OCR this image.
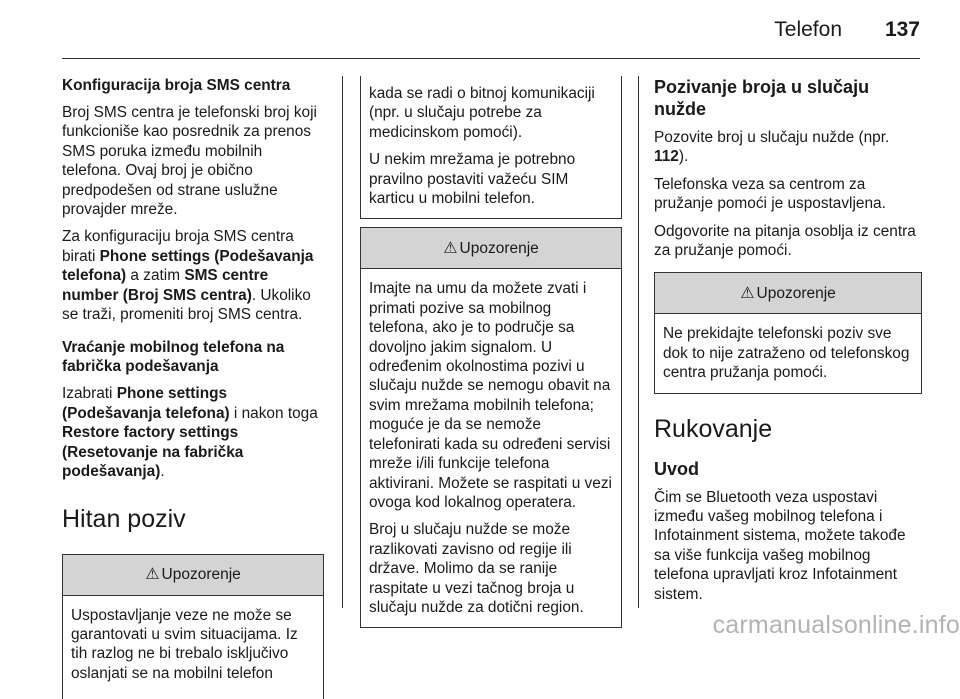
Telefon 137

Konfiguracija broja SMS centra

Broj SMS centra je telefonski broj koji funkcioniše kao posrednik za prenos SMS poruka između mobilnih telefona. Ovaj broj je obično predpodešen od strane uslužne provajder mreže.

Za konfiguraciju broja SMS centra birati Phone settings (Podešavanja telefona) a zatim SMS centre number (Broj SMS centra). Ukoliko se traži, promeniti broj SMS centra.

Vraćanje mobilnog telefona na fabrička podešavanja

Izabrati Phone settings (Podešavanja telefona) i nakon toga Restore factory settings (Resetovanje na fabrička podešavanja).

Hitan poziv
⚠ Upozorenje

Uspostavljanje veze ne može se garantovati u svim situacijama. Iz tih razlog ne bi trebalo isključivo oslanjati se na mobilni telefon

kada se radi o bitnoj komunikaciji (npr. u slučaju potrebe za medicinskom pomoći).

U nekim mrežama je potrebno pravilno postaviti važeću SIM karticu u mobilni telefon.

⚠ Upozorenje

Imajte na umu da možete zvati i primati pozive sa mobilnog telefona, ako je to područje sa dovoljno jakim signalom. U određenim okolnostima pozivi u slučaju nužde se nemogu obavit na svim mrežama mobilnih telefona; moguće je da se nemože telefonirati kada su određeni servisi mreže i/ili funkcije telefona aktivirani. Možete se raspitati u vezi ovoga kod lokalnog operatera.

Broj u slučaju nužde se može razlikovati zavisno od regije ili države. Molimo da se ranije raspitate u vezi tačnog broja u slučaju nužde za dotični region.

Pozivanje broja u slučaju nužde

Pozovite broj u slučaju nužde (npr. 112).

Telefonska veza sa centrom za pružanje pomoći je uspostavljena.

Odgovorite na pitanja osoblja iz centra za pružanje pomoći.

⚠ Upozorenje

Ne prekidajte telefonski poziv sve dok to nije zatraženo od telefonskog centra pružanja pomoći.

Rukovanje

Uvod

Čim se Bluetooth veza uspostavi između vašeg mobilnog telefona i Infotainment sistema, možete takođe sa više funkcija vašeg mobilnog telefona upravljati kroz Infotainment sistem.

carmanualsonline.info
